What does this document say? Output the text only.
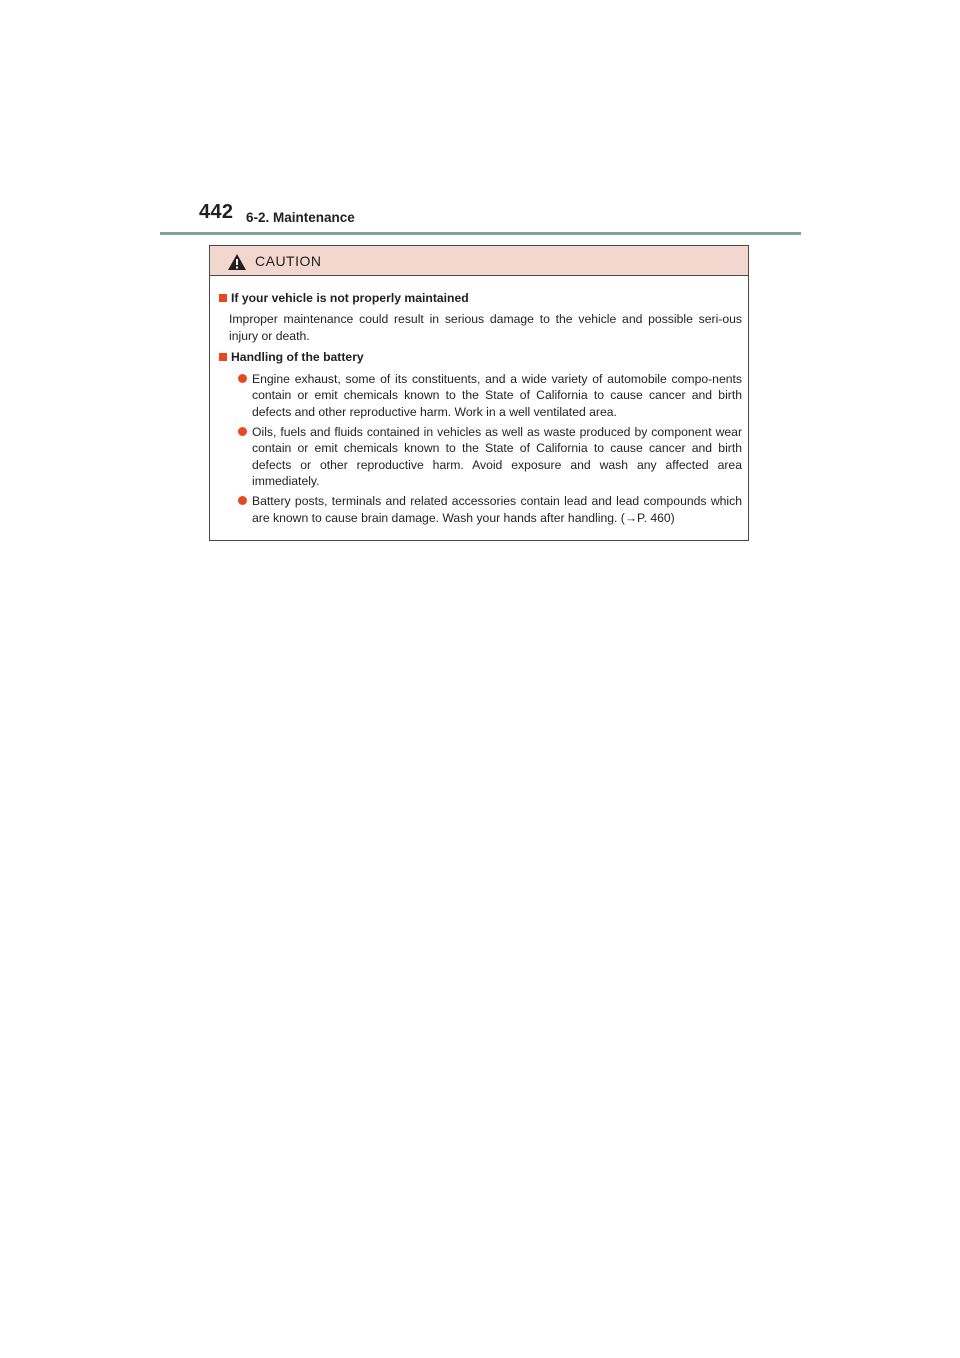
442 6-2. Maintenance
CAUTION
If your vehicle is not properly maintained
Improper maintenance could result in serious damage to the vehicle and possible seri-ous injury or death.
Handling of the battery
Engine exhaust, some of its constituents, and a wide variety of automobile compo-nents contain or emit chemicals known to the State of California to cause cancer and birth defects and other reproductive harm. Work in a well ventilated area.
Oils, fuels and fluids contained in vehicles as well as waste produced by component wear contain or emit chemicals known to the State of California to cause cancer and birth defects or other reproductive harm. Avoid exposure and wash any affected area immediately.
Battery posts, terminals and related accessories contain lead and lead compounds which are known to cause brain damage. Wash your hands after handling. (→P. 460)
